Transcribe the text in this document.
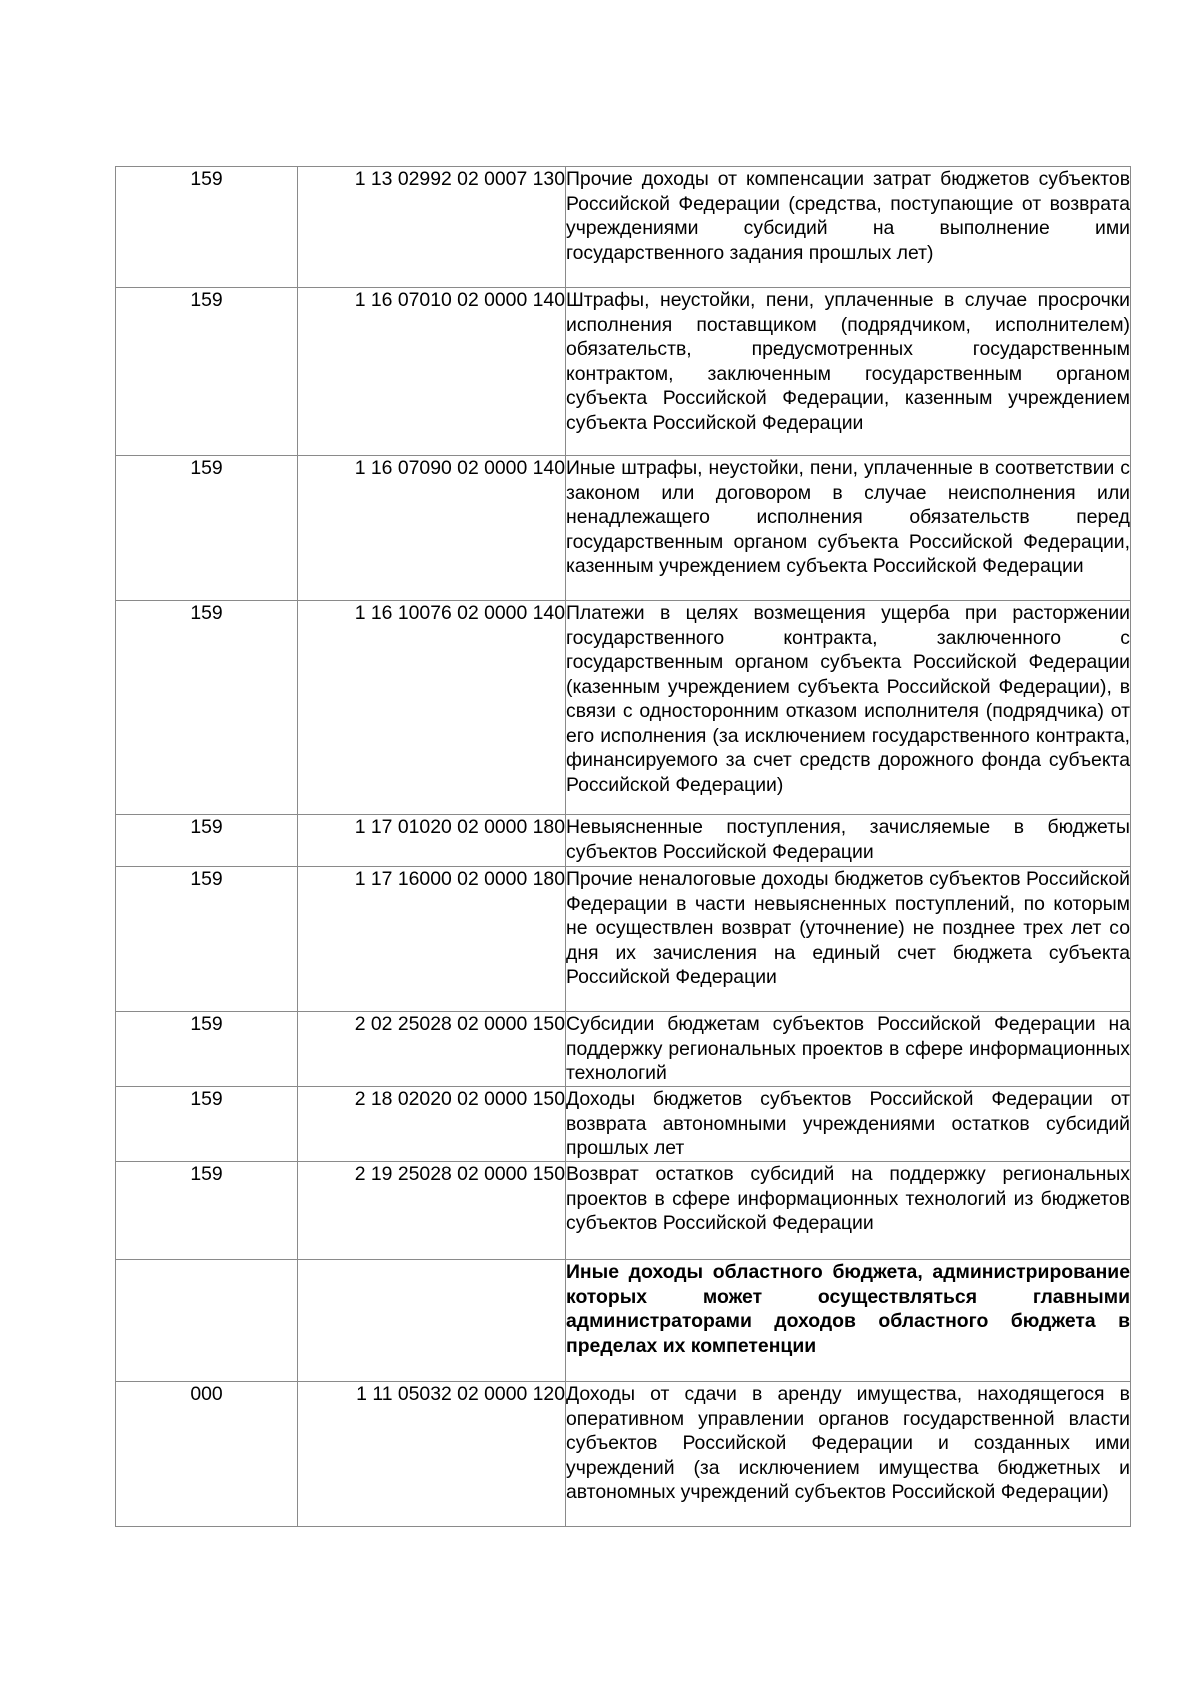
159	1 13 02992 02 0007 130	Прочие доходы от компенсации затрат бюджетов субъектов Российской Федерации (средства, поступающие от возврата учреждениями субсидий на выполнение ими государственного задания прошлых лет)
159	1 16 07010 02 0000 140	Штрафы, неустойки, пени, уплаченные в случае просрочки исполнения поставщиком (подрядчиком, исполнителем) обязательств, предусмотренных государственным контрактом, заключенным государственным органом субъекта Российской Федерации, казенным учреждением субъекта Российской Федерации
159	1 16 07090 02 0000 140	Иные штрафы, неустойки, пени, уплаченные в соответствии с законом или договором в случае неисполнения или ненадлежащего исполнения обязательств перед государственным органом субъекта Российской Федерации, казенным учреждением субъекта Российской Федерации
159	1 16 10076 02 0000 140	Платежи в целях возмещения ущерба при расторжении государственного контракта, заключенного с государственным органом субъекта Российской Федерации (казенным учреждением субъекта Российской Федерации), в связи с односторонним отказом исполнителя (подрядчика) от его исполнения (за исключением государственного контракта, финансируемого за счет средств дорожного фонда субъекта Российской Федерации)
159	1 17 01020 02 0000 180	Невыясненные поступления, зачисляемые в бюджеты субъектов Российской Федерации
159	1 17 16000 02 0000 180	Прочие неналоговые доходы бюджетов субъектов Российской Федерации в части невыясненных поступлений, по которым не осуществлен возврат (уточнение) не позднее трех лет со дня их зачисления на единый счет бюджета субъекта Российской Федерации
159	2 02 25028 02 0000 150	Субсидии бюджетам субъектов Российской Федерации на поддержку региональных проектов в сфере информационных технологий
159	2 18 02020 02 0000 150	Доходы бюджетов субъектов Российской Федерации от возврата автономными учреждениями остатков субсидий прошлых лет
159	2 19 25028 02 0000 150	Возврат остатков субсидий на поддержку региональных проектов в сфере информационных технологий из бюджетов субъектов Российской Федерации
		Иные доходы областного бюджета, администрирование которых может осуществляться главными администраторами доходов областного бюджета в пределах их компетенции
000	1 11 05032 02 0000 120	Доходы от сдачи в аренду имущества, находящегося в оперативном управлении органов государственной власти субъектов Российской Федерации и созданных ими учреждений (за исключением имущества бюджетных и автономных учреждений субъектов Российской Федерации)
